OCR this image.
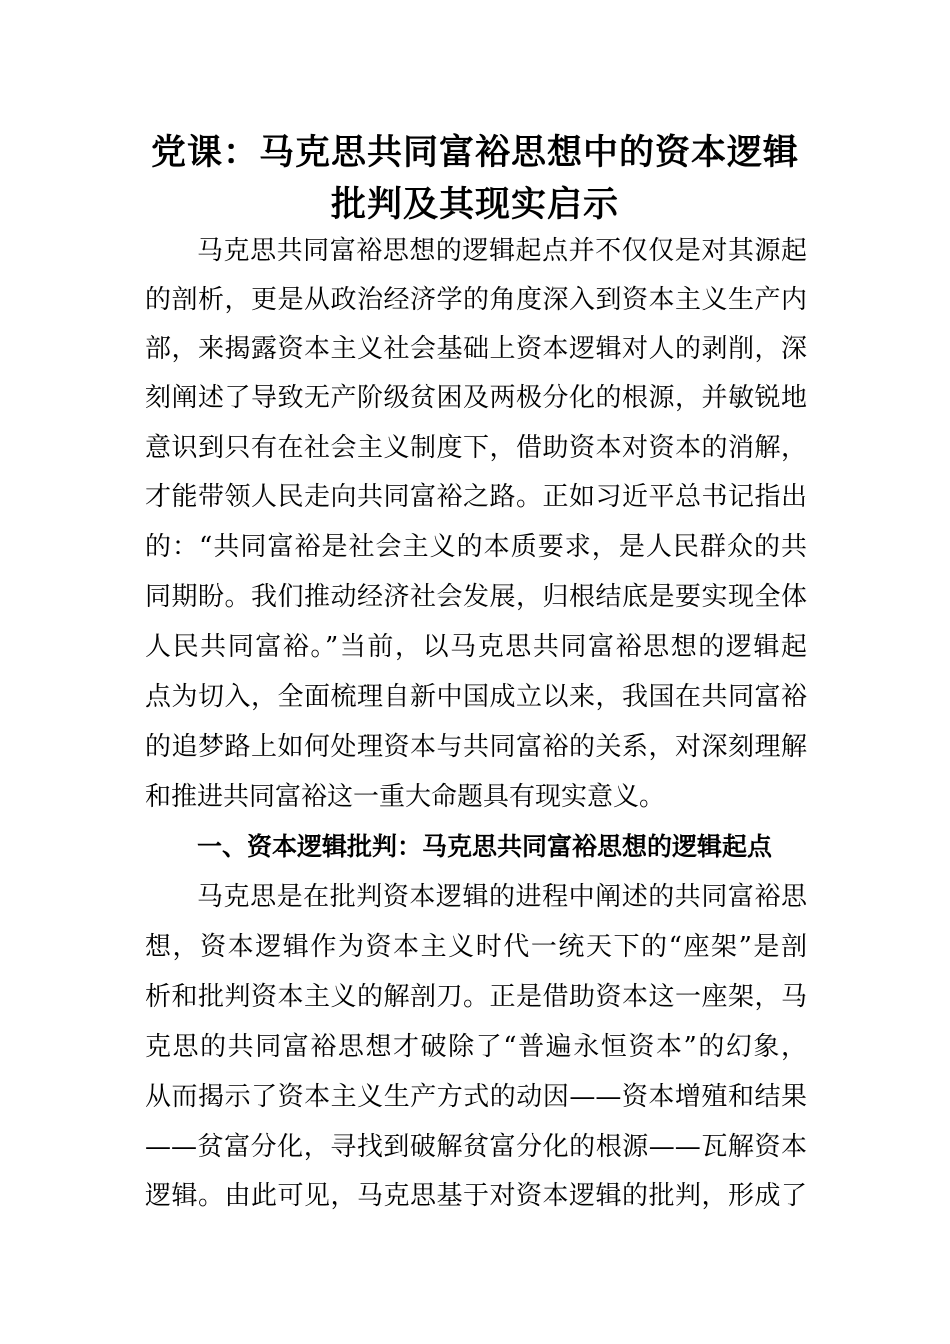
党课：马克思共同富裕思想中的资本逻辑
批判及其现实启示
马克思共同富裕思想的逻辑起点并不仅仅是对其源起
的剖析，更是从政治经济学的角度深入到资本主义生产内
部，来揭露资本主义社会基础上资本逻辑对人的剥削，深
刻阐述了导致无产阶级贫困及两极分化的根源，并敏锐地
意识到只有在社会主义制度下，借助资本对资本的消解，
才能带领人民走向共同富裕之路。正如习近平总书记指出
的：“共同富裕是社会主义的本质要求，是人民群众的共
同期盼。我们推动经济社会发展，归根结底是要实现全体
人民共同富裕。”当前，以马克思共同富裕思想的逻辑起
点为切入，全面梳理自新中国成立以来，我国在共同富裕
的追梦路上如何处理资本与共同富裕的关系，对深刻理解
和推进共同富裕这一重大命题具有现实意义。
一、资本逻辑批判：马克思共同富裕思想的逻辑起点
马克思是在批判资本逻辑的进程中阐述的共同富裕思
想，资本逻辑作为资本主义时代一统天下的“座架”是剖
析和批判资本主义的解剖刀。正是借助资本这一座架，马
克思的共同富裕思想才破除了“普遍永恒资本”的幻象，
从而揭示了资本主义生产方式的动因——资本增殖和结果
——贫富分化，寻找到破解贫富分化的根源——瓦解资本
逻辑。由此可见，马克思基于对资本逻辑的批判，形成了
